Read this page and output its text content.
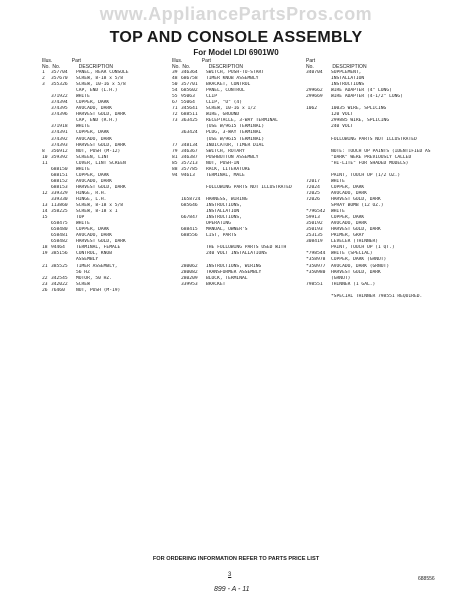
www.AppliancePartsPros.com
TOP AND CONSOLE ASSEMBLY
For Model LDI 6901W0
Illus.	Part
No. No.	DESCRIPTION
1 357704 PANEL, REAR CONSOLE
2 357670 SCREW, 8-18 x 5/8
3 355326 SCREW, 10-16 x 5/8
CAP, END (L.H.)
371922 WHITE
374394 COPPER, DARK
374395 AVOCADO, DARK
374396 HARVEST GOLD, DARK
CAP, END (R.H.)
371918 WHITE
374391 COPPER, DARK
374392 AVOCADO, DARK
374393 HARVEST GOLD, DARK
8 356912 NUT, PUSH (M-12)
10 359392 SCREEN, LINT
11	COVER, LINT SCREEN
688150 WHITE
688151 COPPER, DARK
688152 AVOCADO, DARK
688153 HARVEST GOLD, DARK
12 339329 HINGE, R.H.
339330 HINGE, L.H.
13 113860 SCREW, 8-18 x 5/8
14 358225 SCREW, 8-18 x 1
15	TOP
658475 WHITE
658480 COPPER, DARK
658481 AVOCADO, DARK
658482 HARVEST GOLD, DARK
18 94464 TERMINAL, FEMALE
19 385156 CONTROL, KNOB
ASSEMBLY
21 385525 TIMER ASSEMBLY,
56 HZ
22 342545 MOTOR, 50 HZ.
23 342022 SCREW
26 76460 NUT, PUSH (M-19)
Illus.	Part
No. No.	DESCRIPTION
39 346364 SWITCH, PUSH-TO-START
48 686758 TIMER KNOB ASSEMBLY
50 357701 BRACKET, CONTROL
54 685602 PANEL, CONTROL
55 95063 CLIP
67 55064 CLIP, "U" (4)
71 345641 SCREW, 10-16 x 1/2
72 688511 WIRE, GROUND
73 363425 RECEPTACLE, 3-WAY TERMINAL
(USE W/9615 TERMINAL)
363424 PLUG, 3-WAY TERMINAL
(USE W/9615 TERMINAL)
77 348134 INDICATOR, TIMER DIAL
79 346367 SWITCH, ROTARY
81 346387 PUSHBUTTON ASSEMBLY
85 357213 NUT, PUSH-IN
88 357785 RACK, LITERATURE
94 94613 TERMINAL, MALE

FOLLOWING PARTS NOT ILLUSTRATED

1658724 HARNESS, WIRING
685646 INSTRUCTIONS,
INSTALLATION
667847 INSTRUCTIONS,
OPERATING
688415 MANUAL, OWNER'S
688556 LIST, PARTS

THE FOLLOWING PARTS USED WITH
240 VOLT INSTALLATIONS

280062 INSTRUCTIONS, WIRING
280082 TRANSFORMER ASSEMBLY
280209 BLOCK, TERMINAL
339953 BRACKET
Part
No.	DESCRIPTION
340704 SUPPLEMENT,
INSTALLATION
INSTRUCTIONS
299662 WIRE ADAPTER (4" LONG)
299669 WIRE ADAPTER (4-1/2" LONG)

1062	10035 WIRE, SPLICING
120 VOLT
299885 WIRE, SPLICING
240 VOLT

FOLLOWING PARTS NOT ILLUSTRATED

NOTE: TOUCH UP PAINTS (IDENTIFIED AS
"DARK" WERE PREVIOUSLY CALLED
"HI-LITE" FOR SHADED MODELS)

PAINT, TOUCH UP (1/2 OZ.)
72017 WHITE
72024 COPPER, DARK
72025 AVOCADO, DARK
72026 HARVEST GOLD, DARK
SPRAY BOMB (12 OZ.)
*796542 WHITE
59913 COPPER, DARK
350192 AVOCADO, DARK
350193 HARVEST GOLD, DARK
253135 PRIMER, GRAY
308419 LEVELER (THINNER)
PAINT, TOUCH UP (1 QT.)
*798544 WHITE (SPECIAL)
*358978 COPPER, DARK (GRNUT)
*350977 AVOCADO, DARK (GRNUT)
*350980 HARVEST GOLD, DARK
(GRNUT)
798551 THINNER (1 GAL.)

*SPECIAL THINNER 798551 REQUIRED.
FOR ORDERING INFORMATION REFER TO PARTS PRICE LIST
3
899 - A - 11
688556
